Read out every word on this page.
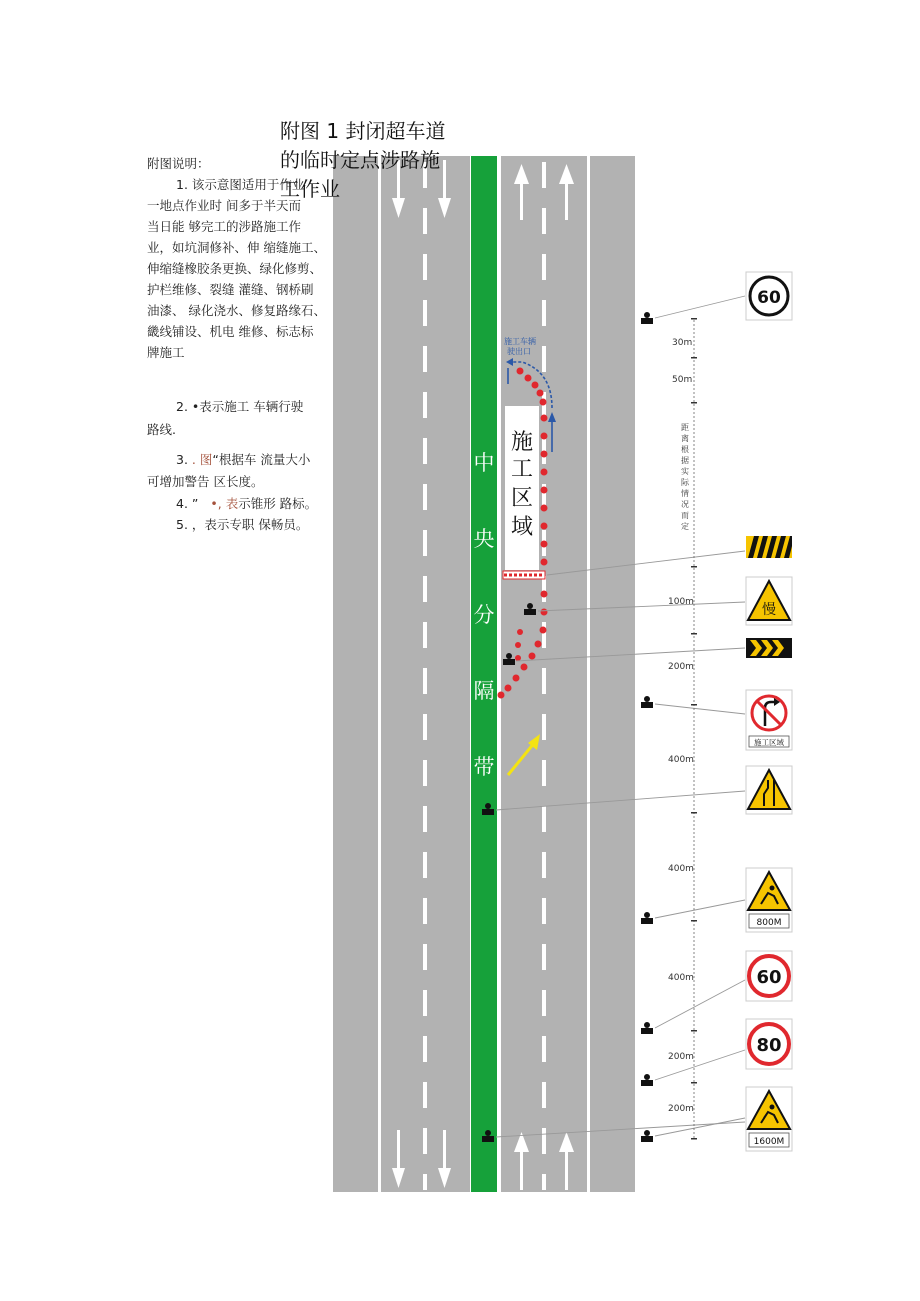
中
央
分
隔
带
施
工
区
域
施工车辆
驶出口
30m
50m
100m
200m
400m
400m
400m
200m
200m
距
离
根
据
实
际
情
况
而
定
60
慢
施工区域
800M
60
80
1600M
附图 1 封闭超车道
的临时定点涉路施
工作业
附图说明：
1. 该示意图适用于作业
一地点作业时 间多于半天而
当日能 够完工的涉路施工作
业，如坑洞修补、伸 缩缝施工、
伸缩缝橡胶条更换、绿化修剪、
护栏维修、裂缝 灌缝、钢桥刷
油漆、 绿化浇水、修复路缘石、
畿线铺设、机电 维修、标志标
牌施工
2. •表示施工 车辆行驶
路线.
3. . 图“根据车 流量大小
可增加警告 区长度。
4. ” •, 表示锥形 路标。
5. ，表示专职 保畅员。
